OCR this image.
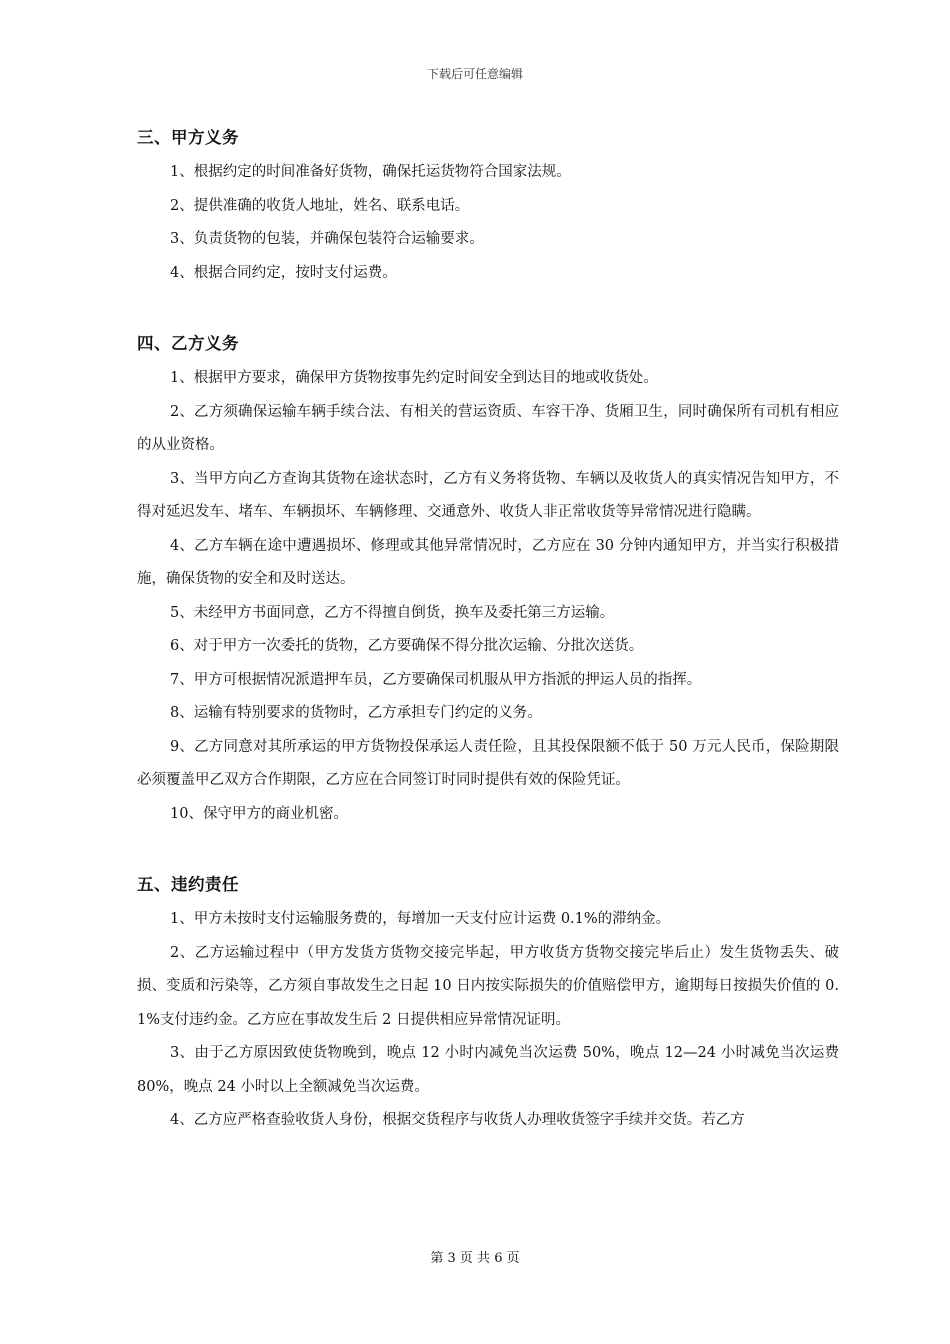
下载后可任意编辑
三、甲方义务

1、根据约定的时间准备好货物，确保托运货物符合国家法规。

2、提供准确的收货人地址，姓名、联系电话。

3、负责货物的包装，并确保包装符合运输要求。

4、根据合同约定，按时支付运费。

四、乙方义务

1、根据甲方要求，确保甲方货物按事先约定时间安全到达目的地或收货处。

2、乙方须确保运输车辆手续合法、有相关的营运资质、车容干净、货厢卫生，同时确保所有司机有相应的从业资格。

3、当甲方向乙方查询其货物在途状态时，乙方有义务将货物、车辆以及收货人的真实情况告知甲方，不得对延迟发车、堵车、车辆损坏、车辆修理、交通意外、收货人非正常收货等异常情况进行隐瞒。

4、乙方车辆在途中遭遇损坏、修理或其他异常情况时，乙方应在 30 分钟内通知甲方，并当实行积极措施，确保货物的安全和及时送达。

5、未经甲方书面同意，乙方不得擅自倒货，换车及委托第三方运输。

6、对于甲方一次委托的货物，乙方要确保不得分批次运输、分批次送货。

7、甲方可根据情况派遣押车员，乙方要确保司机服从甲方指派的押运人员的指挥。

8、运输有特别要求的货物时，乙方承担专门约定的义务。

9、乙方同意对其所承运的甲方货物投保承运人责任险，且其投保限额不低于 50 万元人民币，保险期限必须覆盖甲乙双方合作期限，乙方应在合同签订时同时提供有效的保险凭证。

10、保守甲方的商业机密。

五、违约责任

1、甲方未按时支付运输服务费的，每增加一天支付应计运费 0.1%的滞纳金。

2、乙方运输过程中（甲方发货方货物交接完毕起，甲方收货方货物交接完毕后止）发生货物丢失、破损、变质和污染等，乙方须自事故发生之日起 10 日内按实际损失的价值赔偿甲方，逾期每日按损失价值的 0.1%支付违约金。乙方应在事故发生后 2 日提供相应异常情况证明。

3、由于乙方原因致使货物晚到，晚点 12 小时内减免当次运费 50%，晚点 12—24 小时减免当次运费 80%，晚点 24 小时以上全额减免当次运费。

4、乙方应严格查验收货人身份，根据交货程序与收货人办理收货签字手续并交货。若乙方

第 3 页 共 6 页
